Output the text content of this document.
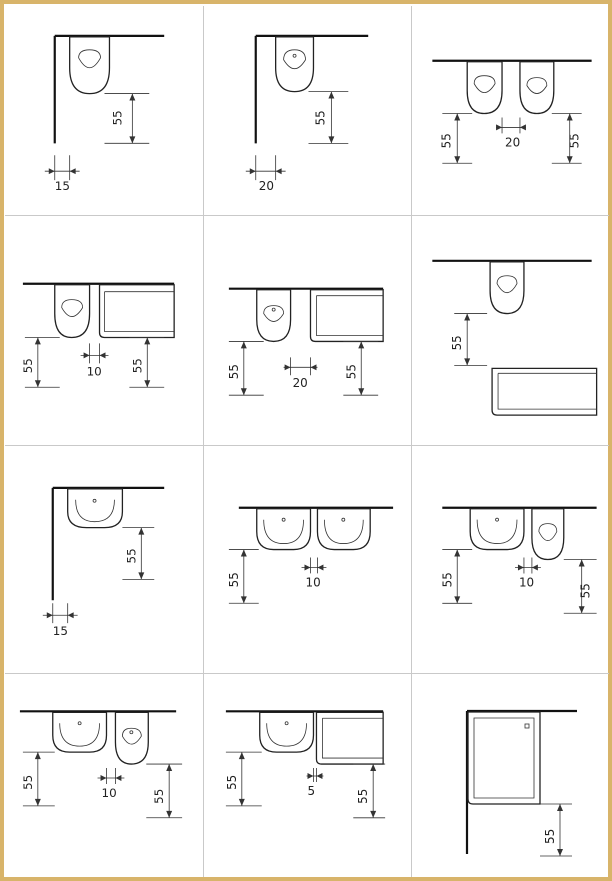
55
15
55
20
55	20	55
55	10 55	55
20
55
55
55
15
55	10	55	10
55
55
10	55
55
5	55
55
